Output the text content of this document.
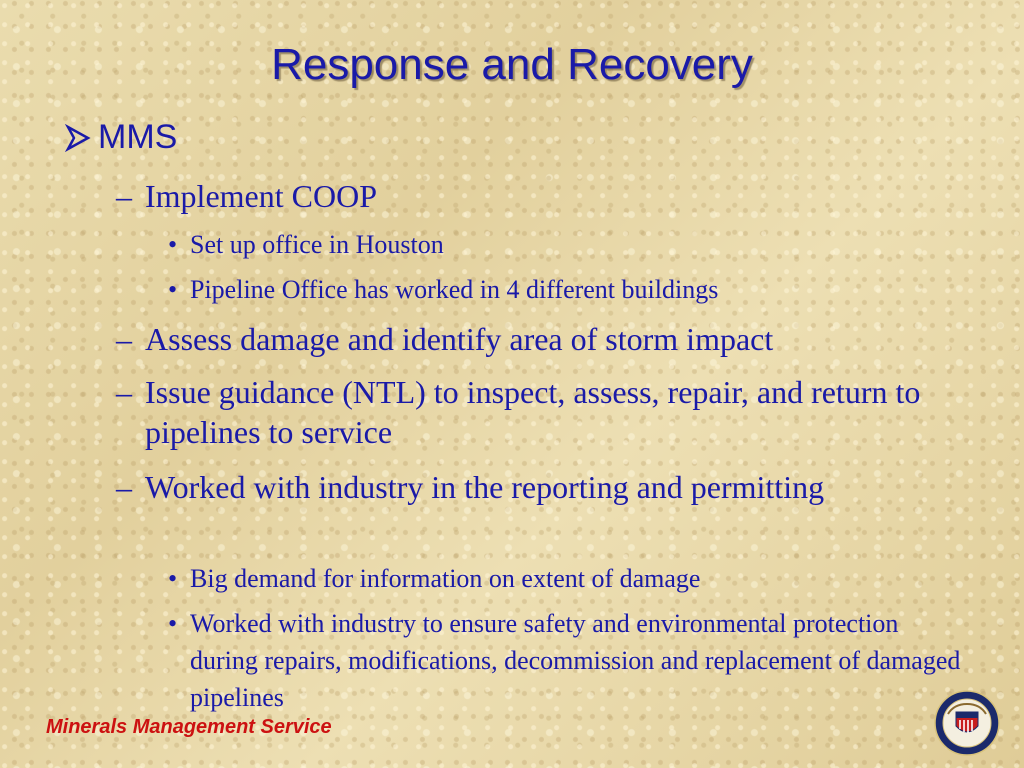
Response and Recovery
MMS
– Implement COOP
• Set up office in Houston
• Pipeline Office has worked in 4 different buildings
– Assess damage and identify area of storm impact
– Issue guidance (NTL) to inspect, assess, repair, and return to pipelines to service
– Worked with industry in the reporting and permitting
• Big demand for information on extent of damage
• Worked with industry to ensure safety and environmental protection during repairs, modifications, decommission and replacement of damaged pipelines
Minerals Management Service
